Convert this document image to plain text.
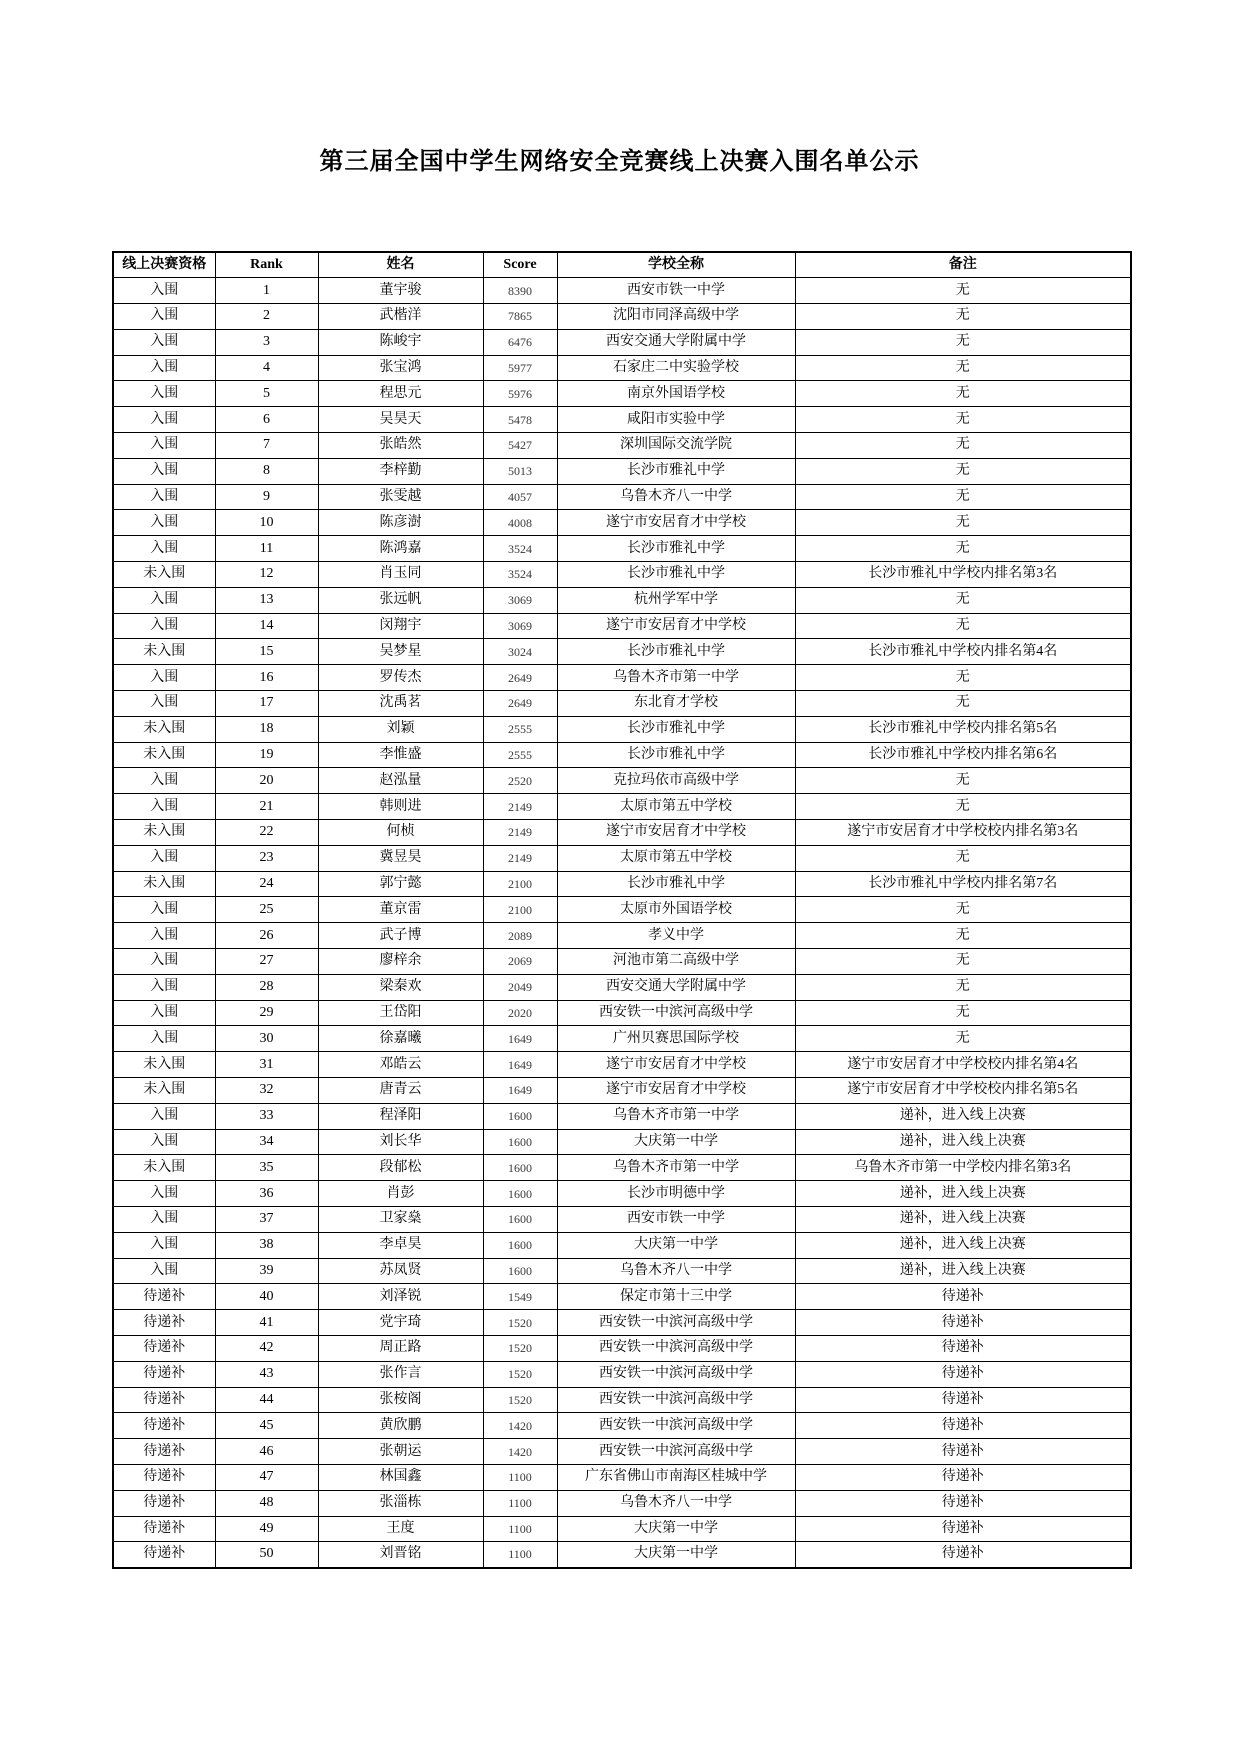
第三届全国中学生网络安全竞赛线上决赛入围名单公示
线上决赛资格	Rank	姓名	Score	学校全称	备注
入围	1	董宇骏	8390	西安市铁一中学	无
入围	2	武楷洋	7865	沈阳市同泽高级中学	无
入围	3	陈峻宇	6476	西安交通大学附属中学	无
入围	4	张宝鸿	5977	石家庄二中实验学校	无
入围	5	程思元	5976	南京外国语学校	无
入围	6	吴昊天	5478	咸阳市实验中学	无
入围	7	张皓然	5427	深圳国际交流学院	无
入围	8	李梓勤	5013	长沙市雅礼中学	无
入围	9	张雯越	4057	乌鲁木齐八一中学	无
入围	10	陈彦澍	4008	遂宁市安居育才中学校	无
入围	11	陈鸿嘉	3524	长沙市雅礼中学	无
未入围	12	肖玉同	3524	长沙市雅礼中学	长沙市雅礼中学校内排名第3名
入围	13	张远帆	3069	杭州学军中学	无
入围	14	闵翔宇	3069	遂宁市安居育才中学校	无
未入围	15	吴梦星	3024	长沙市雅礼中学	长沙市雅礼中学校内排名第4名
入围	16	罗传杰	2649	乌鲁木齐市第一中学	无
入围	17	沈禹茗	2649	东北育才学校	无
未入围	18	刘颖	2555	长沙市雅礼中学	长沙市雅礼中学校内排名第5名
未入围	19	李惟盛	2555	长沙市雅礼中学	长沙市雅礼中学校内排名第6名
入围	20	赵泓量	2520	克拉玛依市高级中学	无
入围	21	韩则进	2149	太原市第五中学校	无
未入围	22	何桢	2149	遂宁市安居育才中学校	遂宁市安居育才中学校校内排名第3名
入围	23	冀昱昊	2149	太原市第五中学校	无
未入围	24	郭宁懿	2100	长沙市雅礼中学	长沙市雅礼中学校内排名第7名
入围	25	董京雷	2100	太原市外国语学校	无
入围	26	武子博	2089	孝义中学	无
入围	27	廖梓余	2069	河池市第二高级中学	无
入围	28	梁秦欢	2049	西安交通大学附属中学	无
入围	29	王岱阳	2020	西安铁一中滨河高级中学	无
入围	30	徐嘉曦	1649	广州贝赛思国际学校	无
未入围	31	邓皓云	1649	遂宁市安居育才中学校	遂宁市安居育才中学校校内排名第4名
未入围	32	唐青云	1649	遂宁市安居育才中学校	遂宁市安居育才中学校校内排名第5名
入围	33	程泽阳	1600	乌鲁木齐市第一中学	递补，进入线上决赛
入围	34	刘长华	1600	大庆第一中学	递补，进入线上决赛
未入围	35	段郁松	1600	乌鲁木齐市第一中学	乌鲁木齐市第一中学校内排名第3名
入围	36	肖彭	1600	长沙市明德中学	递补，进入线上决赛
入围	37	卫家燊	1600	西安市铁一中学	递补，进入线上决赛
入围	38	李卓昊	1600	大庆第一中学	递补，进入线上决赛
入围	39	苏凤贤	1600	乌鲁木齐八一中学	递补，进入线上决赛
待递补	40	刘泽锐	1549	保定市第十三中学	待递补
待递补	41	党宇琦	1520	西安铁一中滨河高级中学	待递补
待递补	42	周正路	1520	西安铁一中滨河高级中学	待递补
待递补	43	张作言	1520	西安铁一中滨河高级中学	待递补
待递补	44	张桉阁	1520	西安铁一中滨河高级中学	待递补
待递补	45	黄欣鹏	1420	西安铁一中滨河高级中学	待递补
待递补	46	张朝运	1420	西安铁一中滨河高级中学	待递补
待递补	47	林国鑫	1100	广东省佛山市南海区桂城中学	待递补
待递补	48	张淄栋	1100	乌鲁木齐八一中学	待递补
待递补	49	王度	1100	大庆第一中学	待递补
待递补	50	刘晋铭	1100	大庆第一中学	待递补
